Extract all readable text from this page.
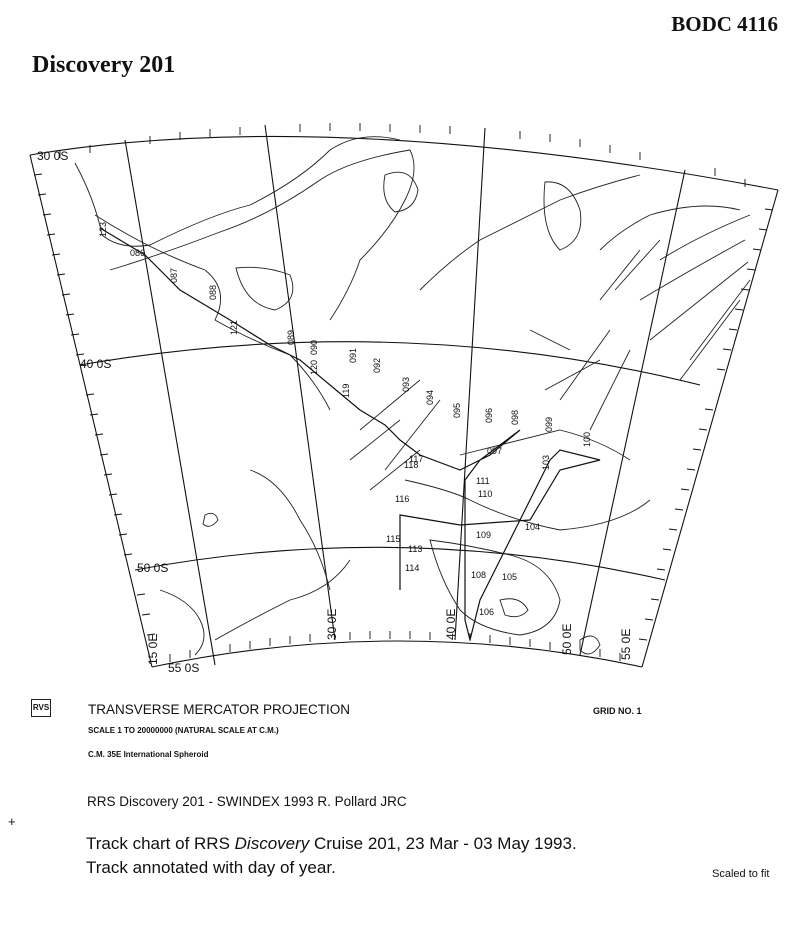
BODC 4116
Discovery 201
30 0S
40 0S
50 0S
55 0S
15 0E
30 0E	40 0E	50 0E	55 0E
123
086
087
088
121
089
090
120
091
092
119	093
094
095 096 098	099
100
097
103
118
117
116
111
110
104
109
115
113
114
108 105
106
RVS	TRANSVERSE MERCATOR PROJECTION	GRID NO. 1
SCALE 1 TO 20000000 (NATURAL SCALE AT C.M.)
C.M. 35E International Spheroid
+
RRS Discovery 201 - SWINDEX 1993 R. Pollard JRC
Track chart of RRS Discovery Cruise 201, 23 Mar - 03 May 1993.
Track annotated with day of year.	Scaled to fit
